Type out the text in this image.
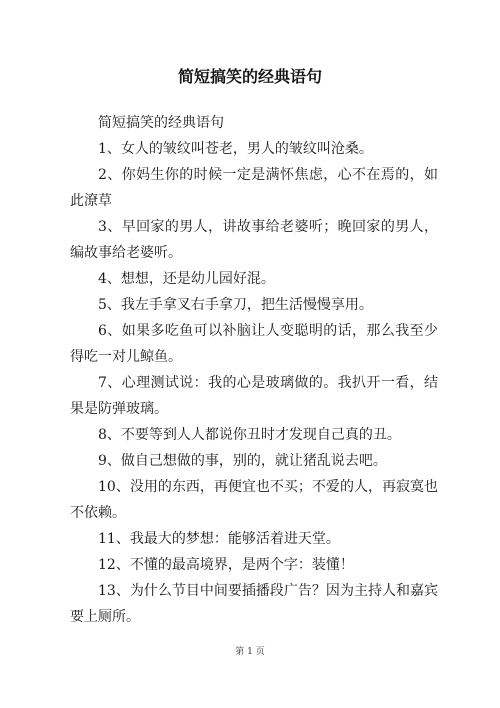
简短搞笑的经典语句

简短搞笑的经典语句

1、女人的皱纹叫苍老，男人的皱纹叫沧桑。

2、你妈生你的时候一定是满怀焦虑，心不在焉的，如此潦草

3、早回家的男人，讲故事给老婆听；晚回家的男人，编故事给老婆听。

4、想想，还是幼儿园好混。

5、我左手拿叉右手拿刀，把生活慢慢享用。

6、如果多吃鱼可以补脑让人变聪明的话，那么我至少得吃一对儿鲸鱼。

7、心理测试说：我的心是玻璃做的。我扒开一看，结果是防弹玻璃。

8、不要等到人人都说你丑时才发现自己真的丑。

9、做自己想做的事，别的，就让猪乱说去吧。

10、没用的东西，再便宜也不买；不爱的人，再寂寞也不依赖。

11、我最大的梦想：能够活着进天堂。

12、不懂的最高境界，是两个字：装懂！

13、为什么节目中间要插播段广告？因为主持人和嘉宾要上厕所。

第 1 页
